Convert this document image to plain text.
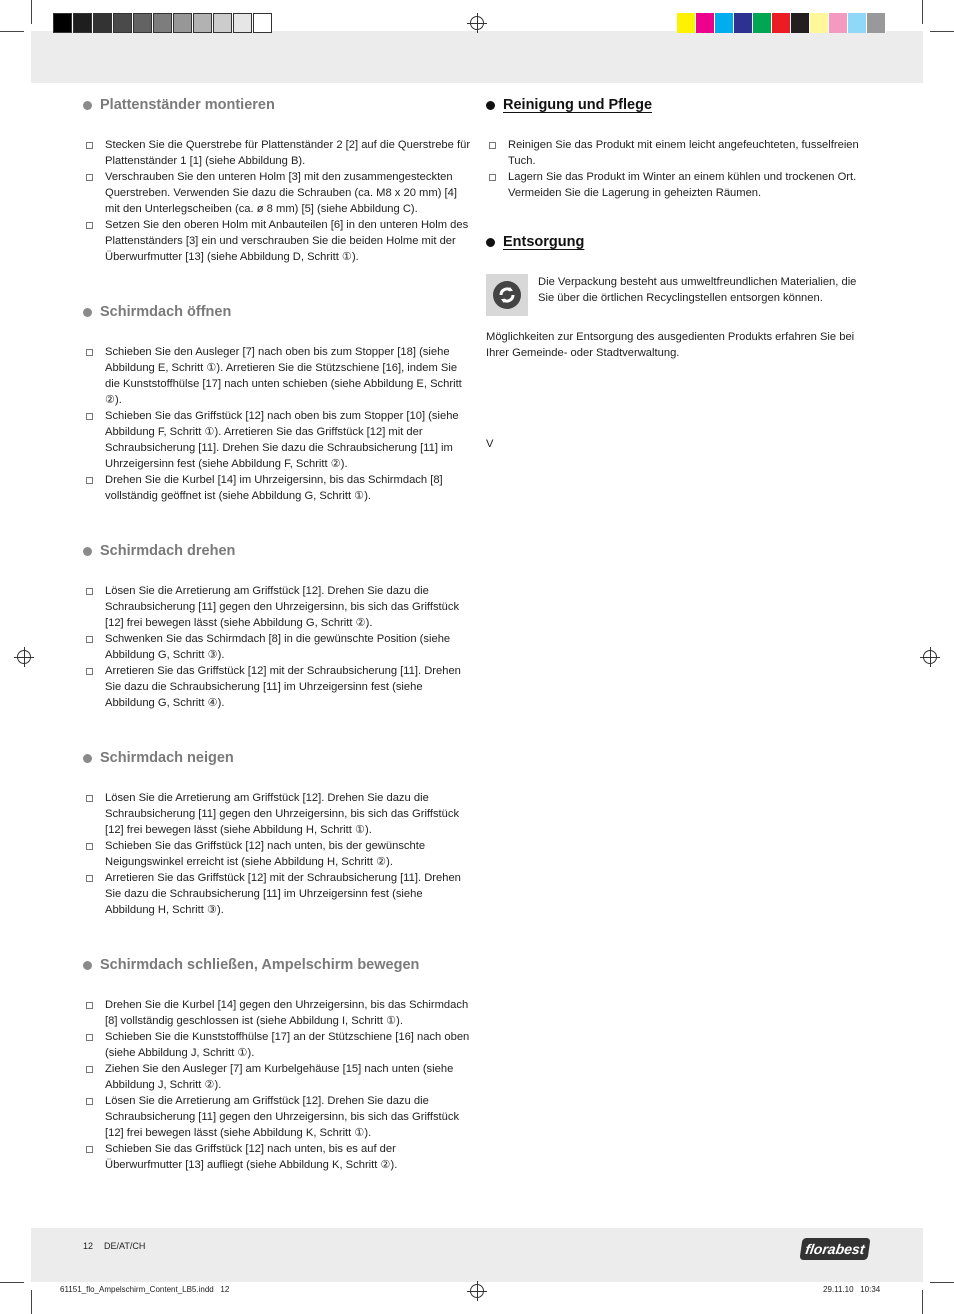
Plattenständer montieren
Stecken Sie die Querstrebe für Plattenständer 2 [2] auf die Querstrebe für Plattenständer 1 [1] (siehe Abbildung B).
Verschrauben Sie den unteren Holm [3] mit den zusammengesteckten Querstreben. Verwenden Sie dazu die Schrauben (ca. M8 x 20 mm) [4] mit den Unterlegscheiben (ca. ø 8 mm) [5] (siehe Abbildung C).
Setzen Sie den oberen Holm mit Anbauteilen [6] in den unteren Holm des Plattenständers [3] ein und verschrauben Sie die beiden Holme mit der Überwurfmutter [13] (siehe Abbildung D, Schritt ①).
Schirmdach öffnen
Schieben Sie den Ausleger [7] nach oben bis zum Stopper [18] (siehe Abbildung E, Schritt ①). Arretieren Sie die Stützschiene [16], indem Sie die Kunststoffhülse [17] nach unten schieben (siehe Abbildung E, Schritt ②).
Schieben Sie das Griffstück [12] nach oben bis zum Stopper [10] (siehe Abbildung F, Schritt ①). Arretieren Sie das Griffstück [12] mit der Schraubsicherung [11]. Drehen Sie dazu die Schraubsicherung [11] im Uhrzeigersinn fest (siehe Abbildung F, Schritt ②).
Drehen Sie die Kurbel [14] im Uhrzeigersinn, bis das Schirmdach [8] vollständig geöffnet ist (siehe Abbildung G, Schritt ①).
Schirmdach drehen
Lösen Sie die Arretierung am Griffstück [12]. Drehen Sie dazu die Schraubsicherung [11] gegen den Uhrzeigersinn, bis sich das Griffstück [12] frei bewegen lässt (siehe Abbildung G, Schritt ②).
Schwenken Sie das Schirmdach [8] in die gewünschte Position (siehe Abbildung G, Schritt ③).
Arretieren Sie das Griffstück [12] mit der Schraubsicherung [11]. Drehen Sie dazu die Schraubsicherung [11] im Uhrzeigersinn fest (siehe Abbildung G, Schritt ④).
Schirmdach neigen
Lösen Sie die Arretierung am Griffstück [12]. Drehen Sie dazu die Schraubsicherung [11] gegen den Uhrzeigersinn, bis sich das Griffstück [12] frei bewegen lässt (siehe Abbildung H, Schritt ①).
Schieben Sie das Griffstück [12] nach unten, bis der gewünschte Neigungswinkel erreicht ist (siehe Abbildung H, Schritt ②).
Arretieren Sie das Griffstück [12] mit der Schraubsicherung [11]. Drehen Sie dazu die Schraubsicherung [11] im Uhrzeigersinn fest (siehe Abbildung H, Schritt ③).
Schirmdach schließen, Ampelschirm bewegen
Drehen Sie die Kurbel [14] gegen den Uhrzeigersinn, bis das Schirmdach [8] vollständig geschlossen ist (siehe Abbildung I, Schritt ①).
Schieben Sie die Kunststoffhülse [17] an der Stützschiene [16] nach oben (siehe Abbildung J, Schritt ①).
Ziehen Sie den Ausleger [7] am Kurbelgehäuse [15] nach unten (siehe Abbildung J, Schritt ②).
Lösen Sie die Arretierung am Griffstück [12]. Drehen Sie dazu die Schraubsicherung [11] gegen den Uhrzeigersinn, bis sich das Griffstück [12] frei bewegen lässt (siehe Abbildung K, Schritt ①).
Schieben Sie das Griffstück [12] nach unten, bis es auf der Überwurfmutter [13] aufliegt (siehe Abbildung K, Schritt ②).
Reinigung und Pflege
Reinigen Sie das Produkt mit einem leicht angefeuchteten, fusselfreien Tuch.
Lagern Sie das Produkt im Winter an einem kühlen und trockenen Ort. Vermeiden Sie die Lagerung in geheizten Räumen.
Entsorgung

Die Verpackung besteht aus umweltfreundlichen Materialien, die Sie über die örtlichen Recyclingstellen entsorgen können.

Möglichkeiten zur Entsorgung des ausgedienten Produkts erfahren Sie bei Ihrer Gemeinde- oder Stadtverwaltung.

V

12 DE/AT/CH	florabest
61151_flo_Ampelschirm_Content_LB5.indd   12	29.11.10   10:34
